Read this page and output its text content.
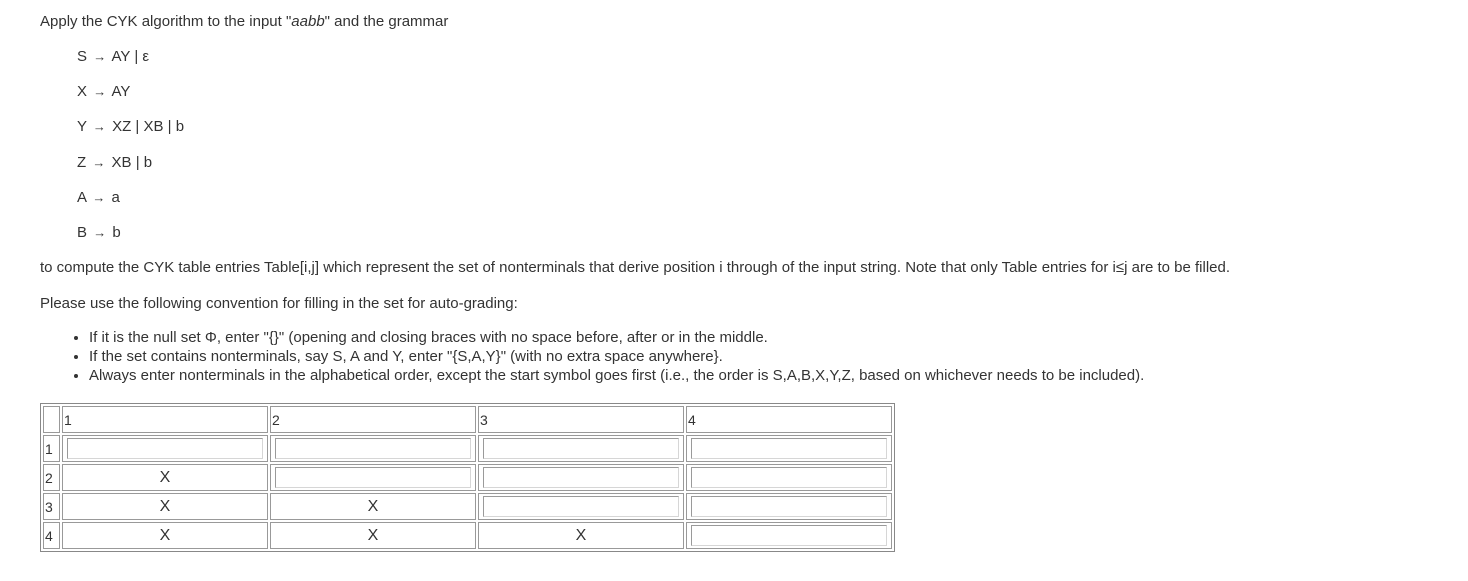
Apply the CYK algorithm to the input "aabb" and the grammar
S → AY | ε
X → AY
Y → XZ | XB | b
Z → XB | b
A → a
B → b
to compute the CYK table entries Table[i,j] which represent the set of nonterminals that derive position i through of the input string. Note that only Table entries for i≤j are to be filled.
Please use the following convention for filling in the set for auto-grading:
• If it is the null set Φ, enter "{}" (opening and closing braces with no space before, after or in the middle.
• If the set contains nonterminals, say S, A and Y, enter "{S,A,Y}" (with no extra space anywhere}.
• Always enter nonterminals in the alphabetical order, except the start symbol goes first (i.e., the order is S,A,B,X,Y,Z, based on whichever needs to be included).
	1	2	3	4
1				
2	X			
3	X	X		
4	X	X	X	
